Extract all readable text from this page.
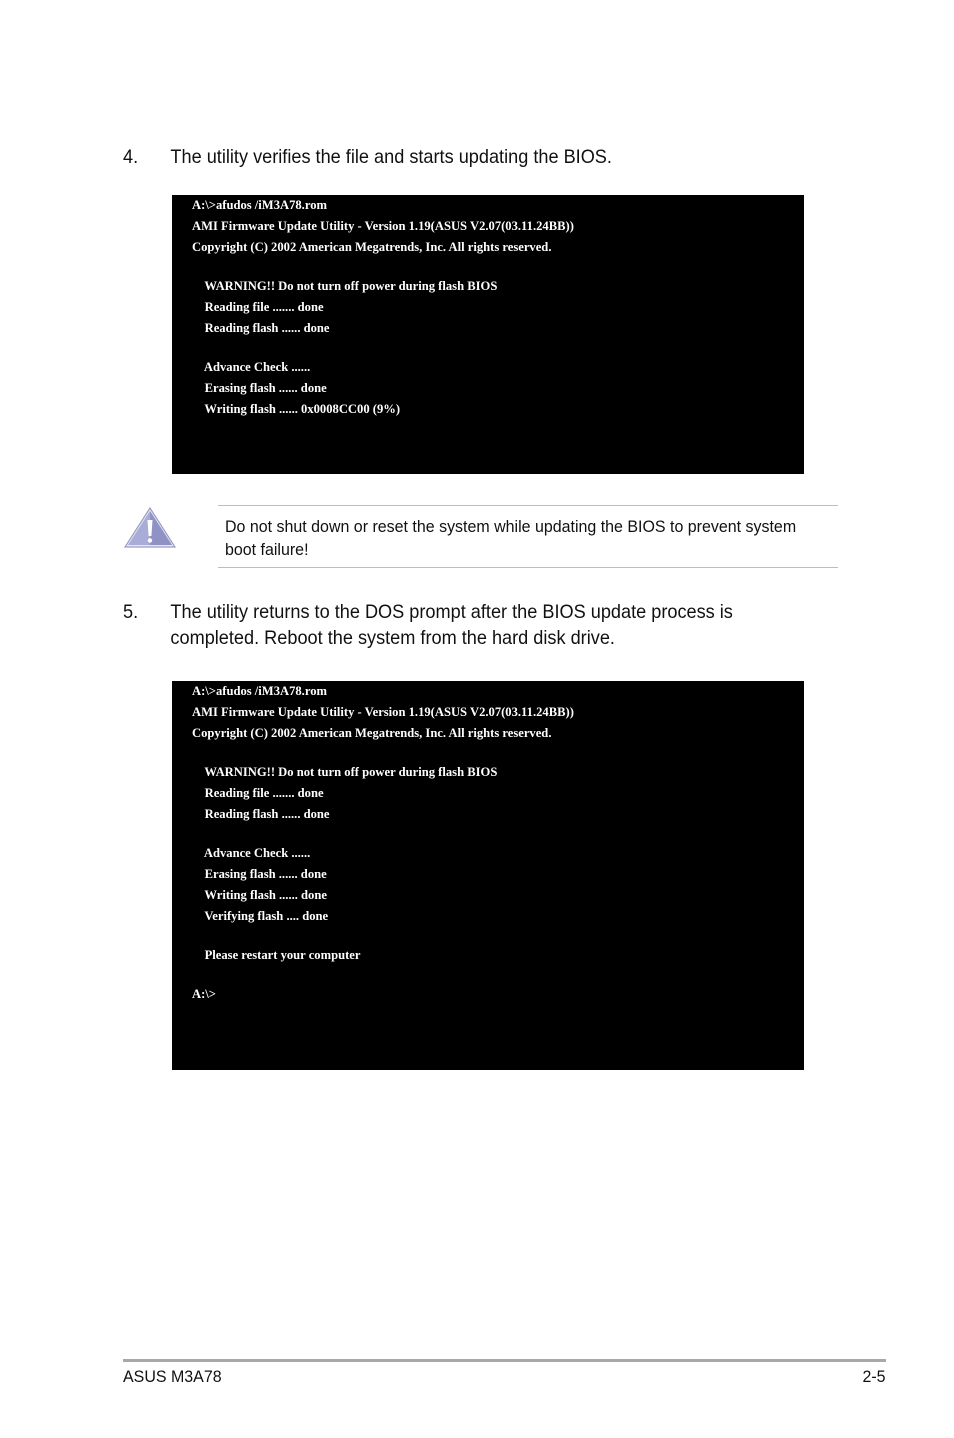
4. The utility verifies the file and starts updating the BIOS.
A:\>afudos /iM3A78.rom
AMI Firmware Update Utility - Version 1.19(ASUS V2.07(03.11.24BB))
Copyright (C) 2002 American Megatrends, Inc. All rights reserved.
WARNING!! Do not turn off power during flash BIOS
Reading file ....... done
Reading flash ...... done
Advance Check ......
Erasing flash ...... done
Writing flash ...... 0x0008CC00 (9%)
Do not shut down or reset the system while updating the BIOS to prevent system boot failure!
5. The utility returns to the DOS prompt after the BIOS update process is
completed. Reboot the system from the hard disk drive.
A:\>afudos /iM3A78.rom
AMI Firmware Update Utility - Version 1.19(ASUS V2.07(03.11.24BB))
Copyright (C) 2002 American Megatrends, Inc. All rights reserved.
WARNING!! Do not turn off power during flash BIOS
Reading file ....... done
Reading flash ...... done
Advance Check ......
Erasing flash ...... done
Writing flash ...... done
Verifying flash .... done
Please restart your computer
A:\>
ASUS M3A78	2-5
